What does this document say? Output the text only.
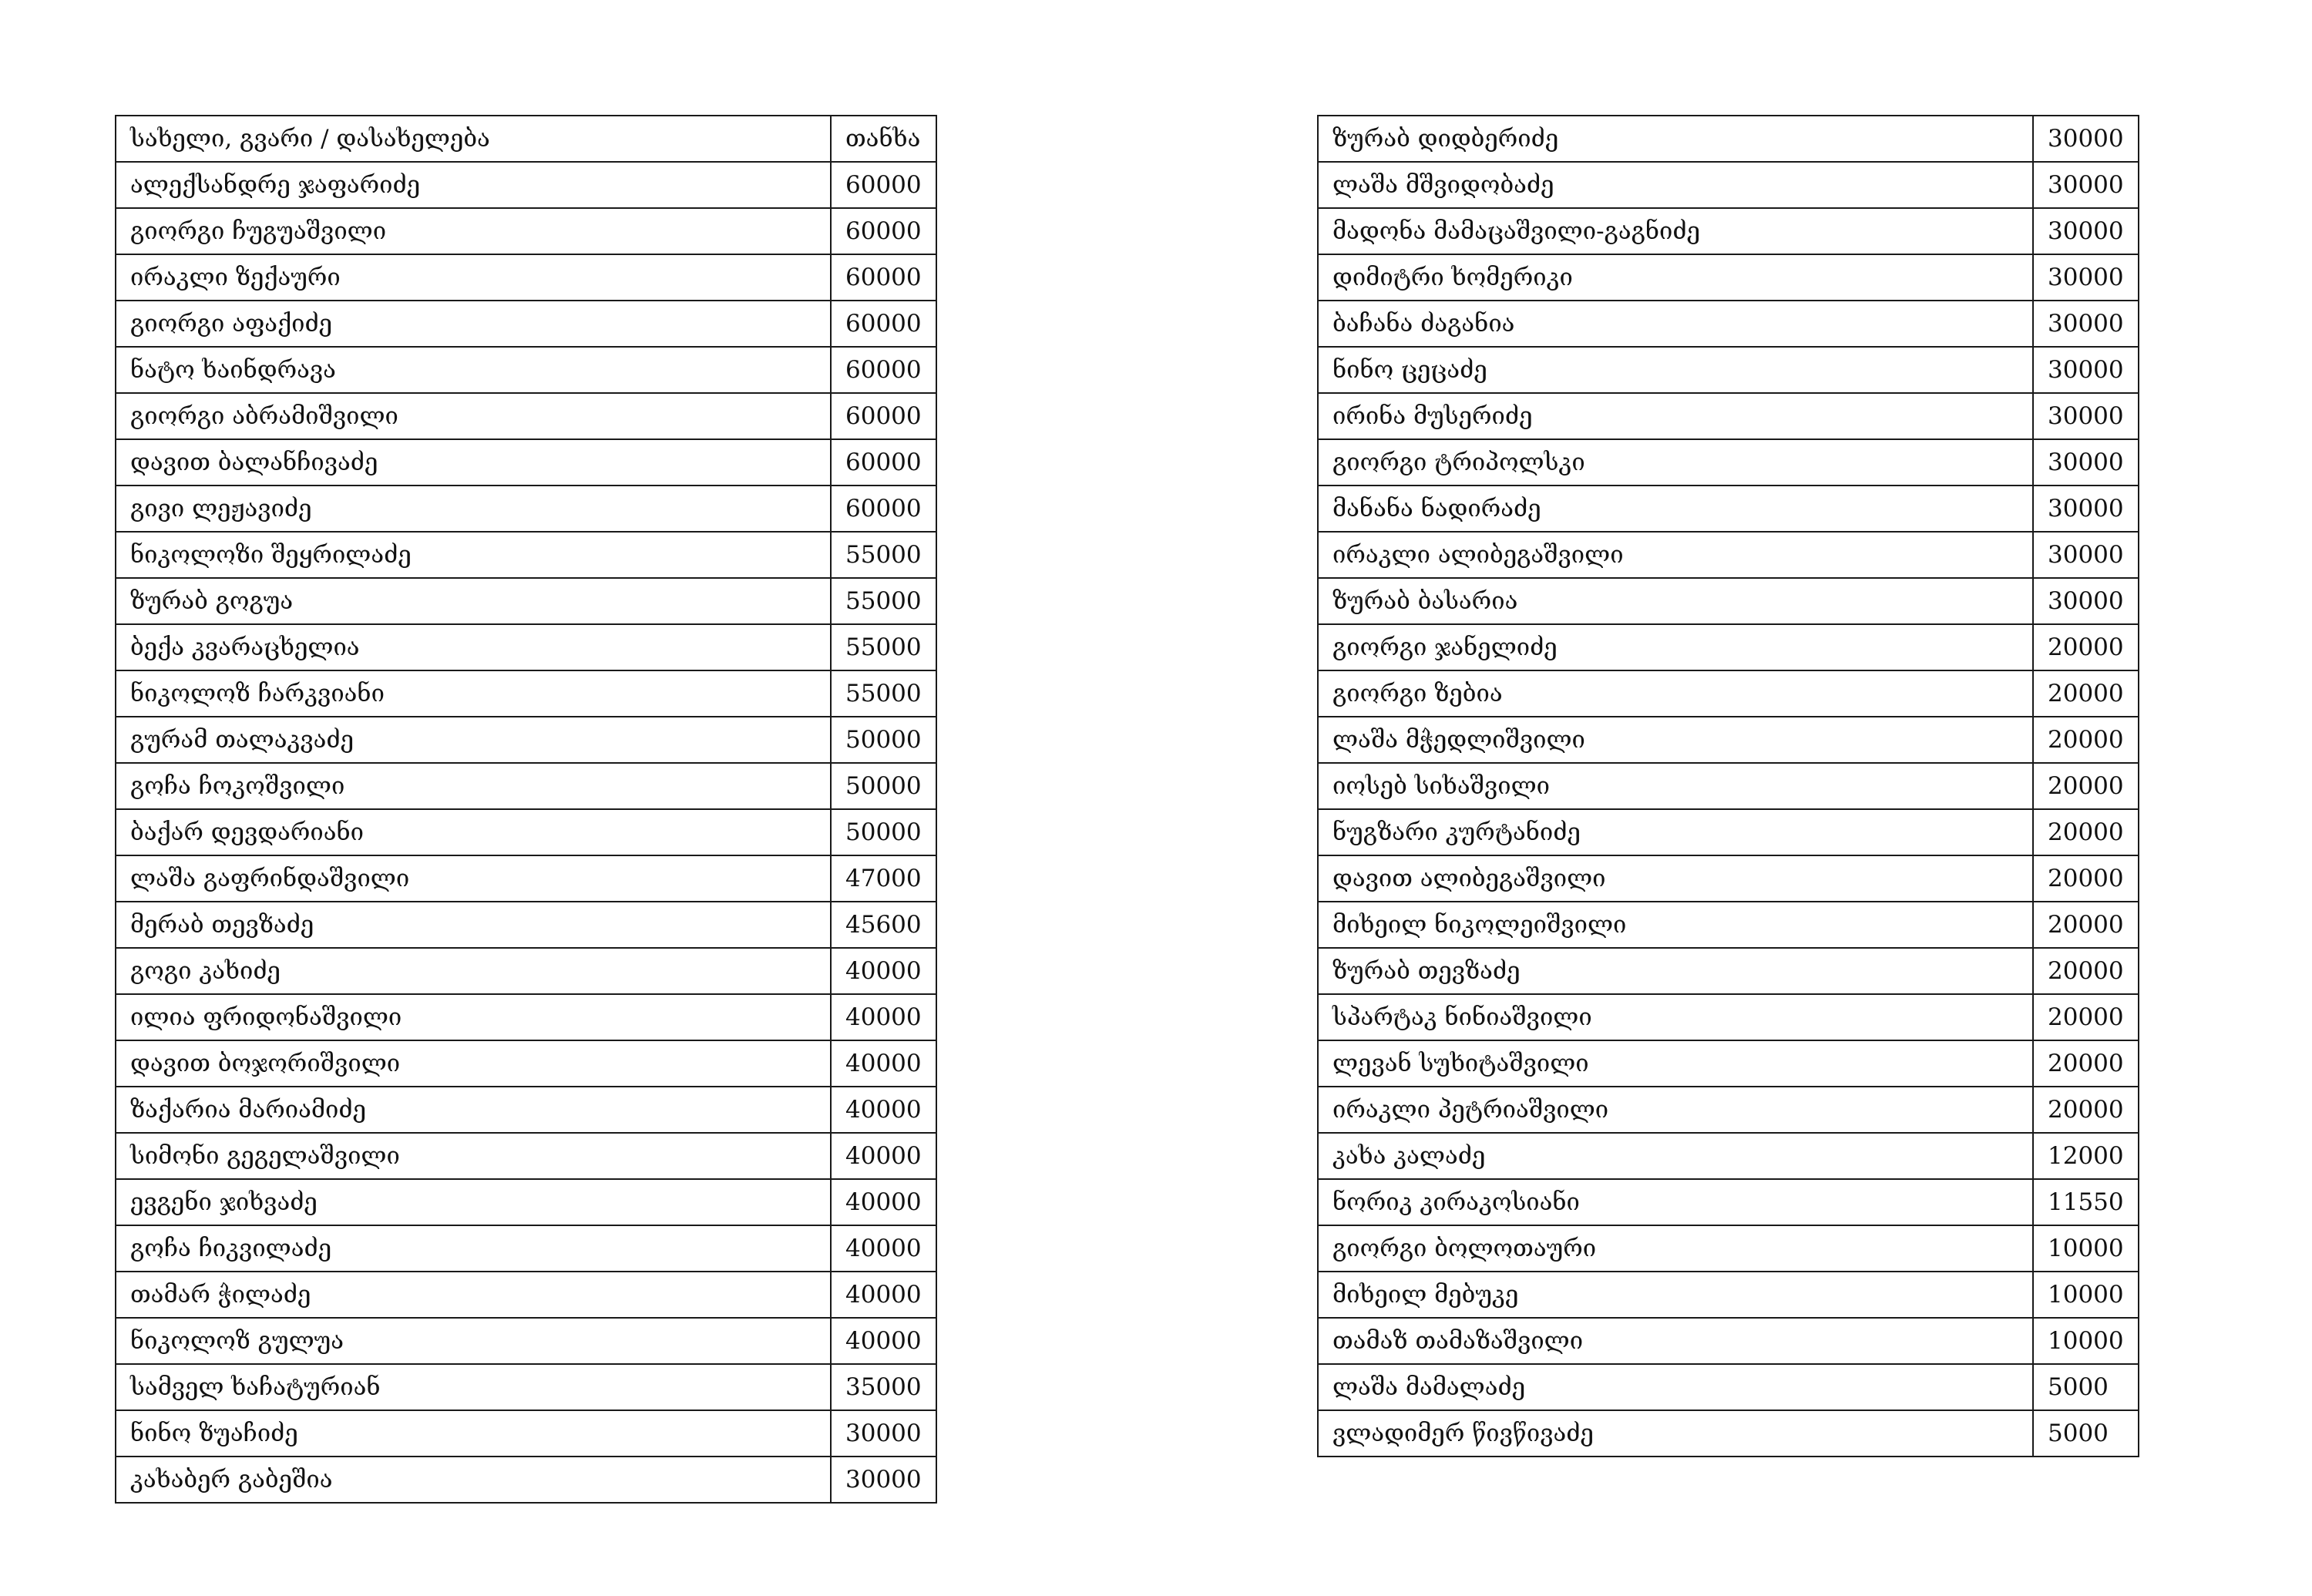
სახელი, გვარი / დასახელება	თანხა
ალექსანდრე ჯაფარიძე	60000
გიორგი ჩუგუაშვილი	60000
ირაკლი ზექაური	60000
გიორგი აფაქიძე	60000
ნატო ხაინდრავა	60000
გიორგი აბრამიშვილი	60000
დავით ბალანჩივაძე	60000
გივი ლეჟავიძე	60000
ნიკოლოზი შეყრილაძე	55000
ზურაბ გოგუა	55000
ბექა კვარაცხელია	55000
ნიკოლოზ ჩარკვიანი	55000
გურამ თალაკვაძე	50000
გოჩა ჩოკოშვილი	50000
ბაქარ დევდარიანი	50000
ლაშა გაფრინდაშვილი	47000
მერაბ თევზაძე	45600
გოგი კახიძე	40000
ილია ფრიდონაშვილი	40000
დავით ბოჯორიშვილი	40000
ზაქარია მარიამიძე	40000
სიმონი გეგელაშვილი	40000
ევგენი ჯიხვაძე	40000
გოჩა ჩიკვილაძე	40000
თამარ ჭილაძე	40000
ნიკოლოზ გულუა	40000
სამველ ხაჩატურიან	35000
ნინო ზუაჩიძე	30000
კახაბერ გაბეშია	30000
ზურაბ დიდბერიძე	30000
ლაშა მშვიდობაძე	30000
მადონა მამაცაშვილი-გაგნიძე	30000
დიმიტრი ხომერიკი	30000
ბაჩანა ძაგანია	30000
ნინო ცეცაძე	30000
ირინა მუსერიძე	30000
გიორგი ტრიპოლსკი	30000
მანანა ნადირაძე	30000
ირაკლი ალიბეგაშვილი	30000
ზურაბ ბასარია	30000
გიორგი ჯანელიძე	20000
გიორგი ზებია	20000
ლაშა მჭედლიშვილი	20000
იოსებ სიხაშვილი	20000
ნუგზარი კურტანიძე	20000
დავით ალიბეგაშვილი	20000
მიხეილ ნიკოლეიშვილი	20000
ზურაბ თევზაძე	20000
სპარტაკ ნინიაშვილი	20000
ლევან სუხიტაშვილი	20000
ირაკლი პეტრიაშვილი	20000
კახა კალაძე	12000
ნორიკ კირაკოსიანი	11550
გიორგი ბოლოთაური	10000
მიხეილ მებუკე	10000
თამაზ თამაზაშვილი	10000
ლაშა მამალაძე	5000
ვლადიმერ წივწივაძე	5000
